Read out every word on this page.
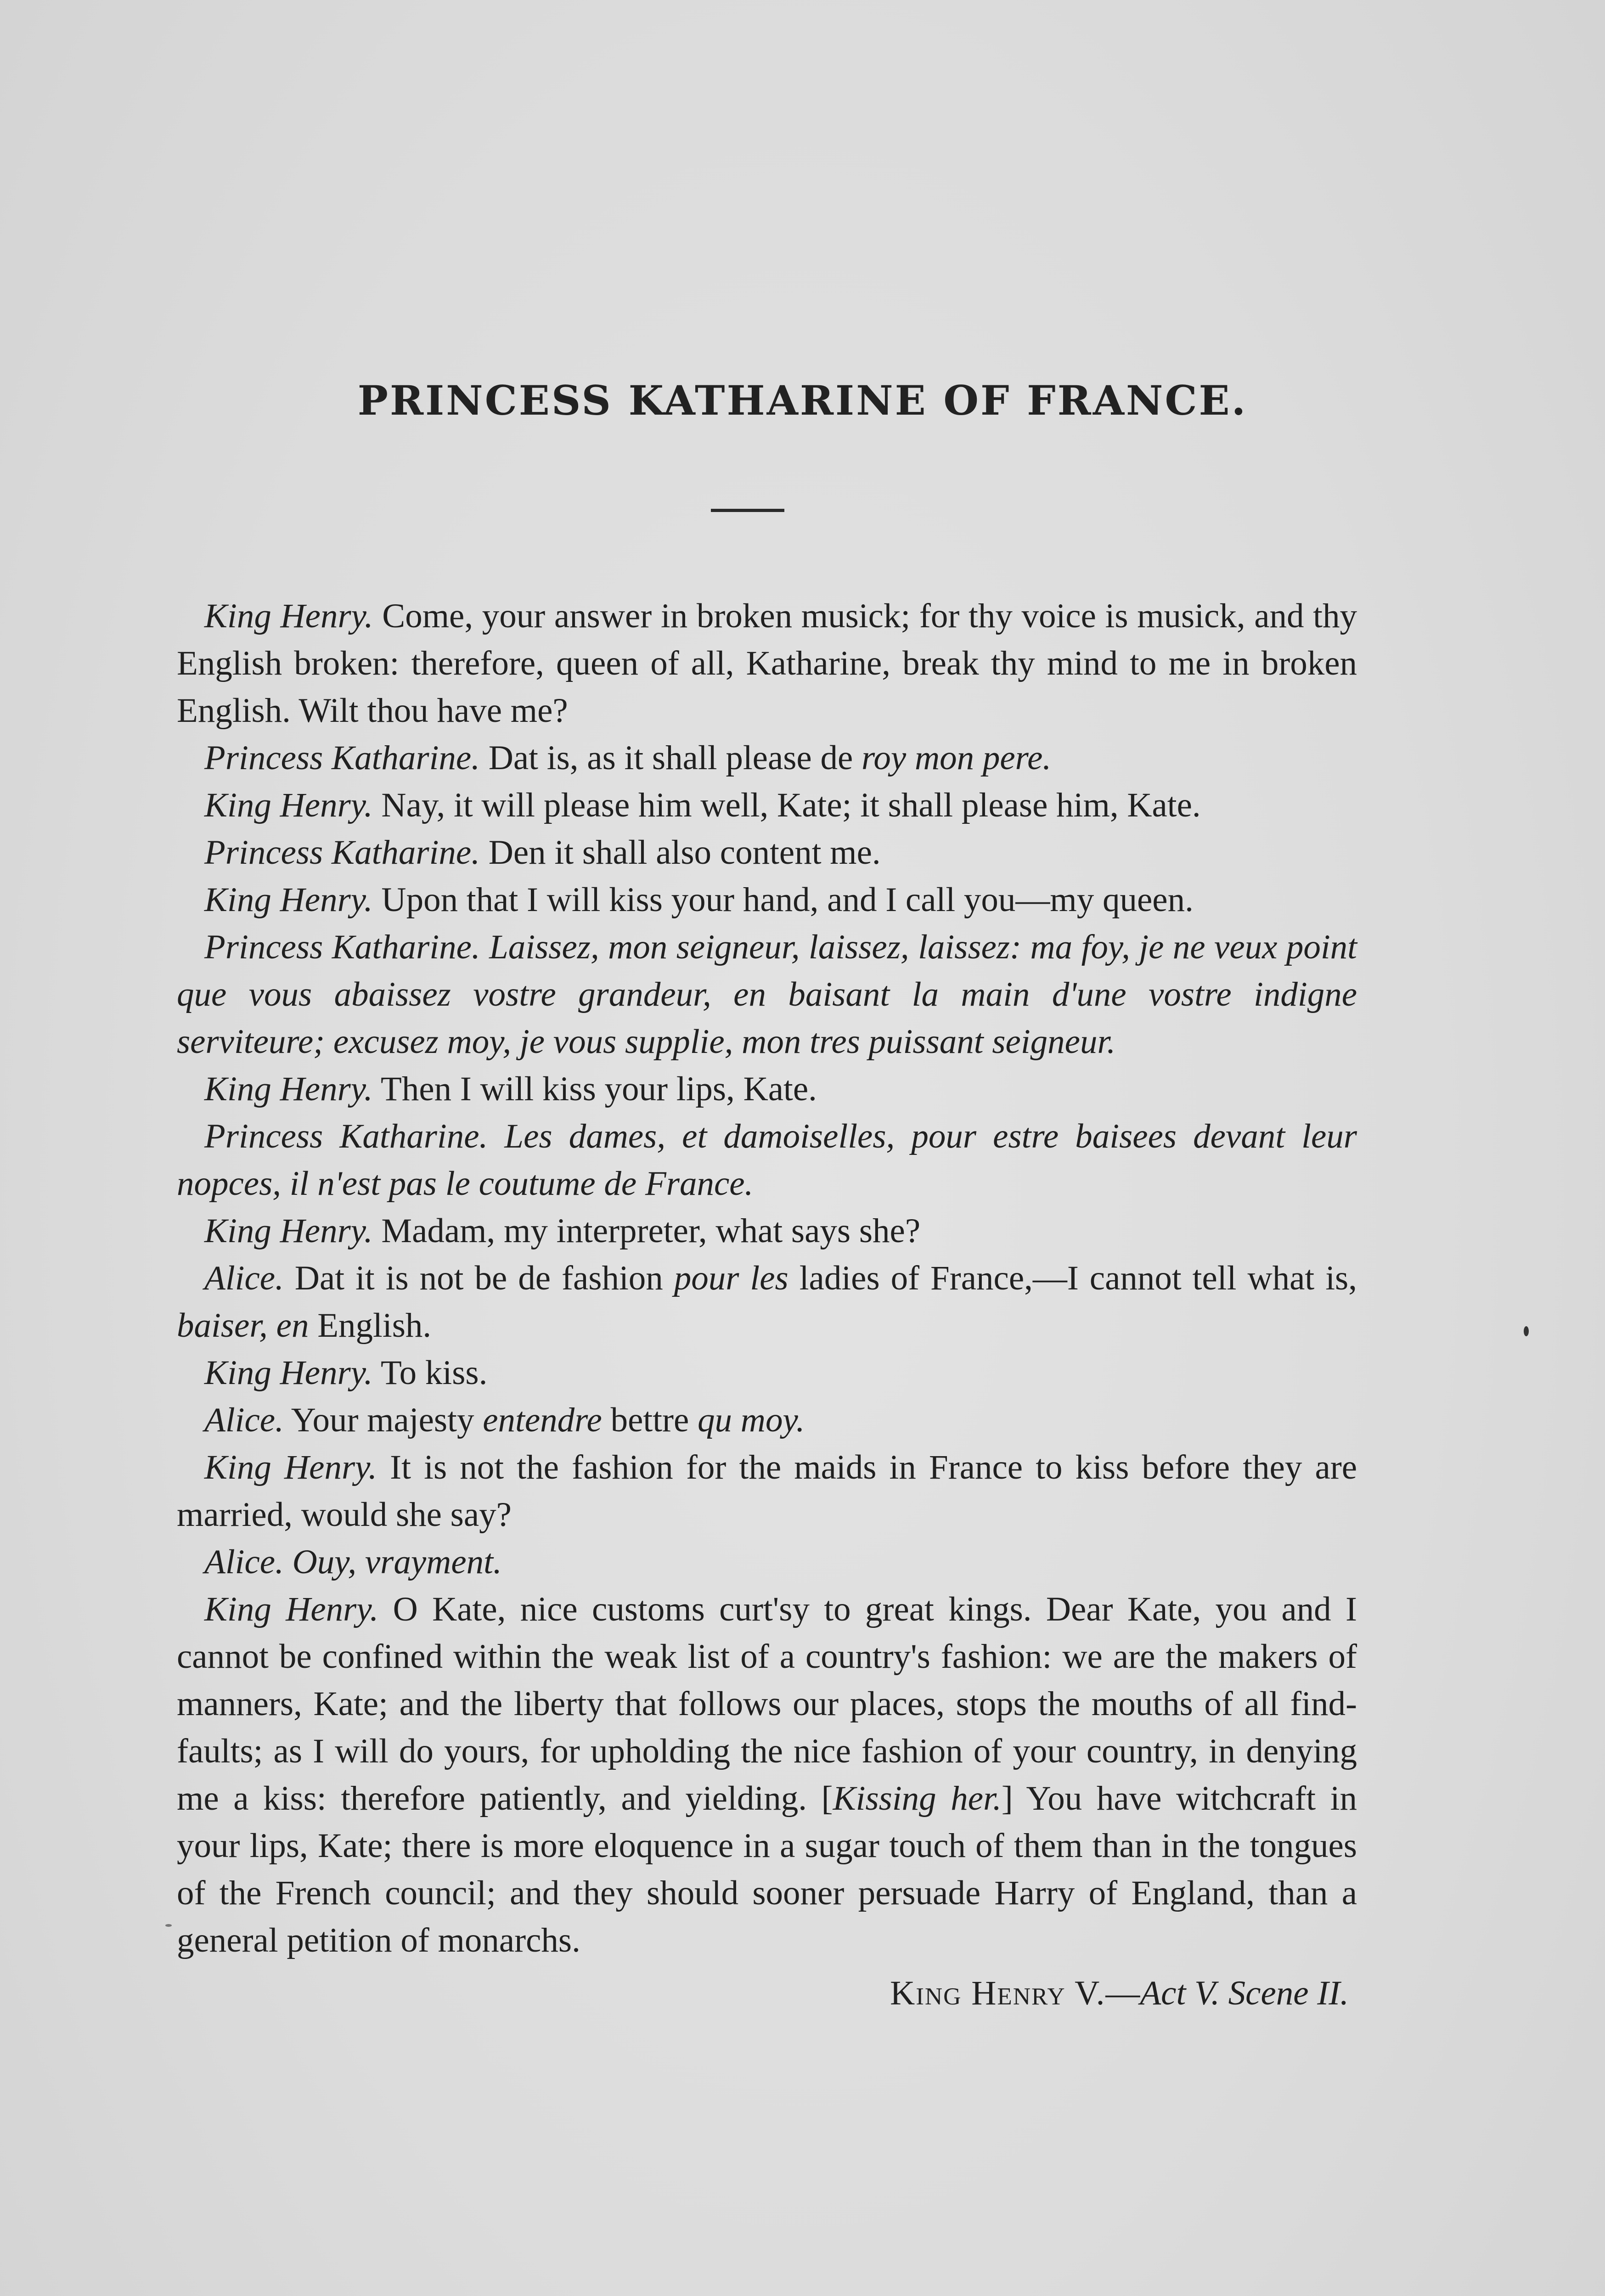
PRINCESS KATHARINE OF FRANCE.

King Henry. Come, your answer in broken musick; for thy voice is musick, and thy English broken: therefore, queen of all, Katharine, break thy mind to me in broken English. Wilt thou have me?

Princess Katharine. Dat is, as it shall please de roy mon pere.

King Henry. Nay, it will please him well, Kate; it shall please him, Kate.

Princess Katharine. Den it shall also content me.

King Henry. Upon that I will kiss your hand, and I call you—my queen.

Princess Katharine. Laissez, mon seigneur, laissez, laissez: ma foy, je ne veux point que vous abaissez vostre grandeur, en baisant la main d'une vostre indigne serviteure; excusez moy, je vous supplie, mon tres puissant seigneur.

King Henry. Then I will kiss your lips, Kate.

Princess Katharine. Les dames, et damoiselles, pour estre baisees devant leur nopces, il n'est pas le coutume de France.

King Henry. Madam, my interpreter, what says she?

Alice. Dat it is not be de fashion pour les ladies of France,—I cannot tell what is, baiser, en English.

King Henry. To kiss.

Alice. Your majesty entendre bettre qu moy.

King Henry. It is not the fashion for the maids in France to kiss before they are married, would she say?

Alice. Ouy, vrayment.

King Henry. O Kate, nice customs curt'sy to great kings. Dear Kate, you and I cannot be confined within the weak list of a country's fashion: we are the makers of manners, Kate; and the liberty that follows our places, stops the mouths of all find-faults; as I will do yours, for upholding the nice fashion of your country, in denying me a kiss: therefore patiently, and yielding. [Kissing her.] You have witchcraft in your lips, Kate; there is more eloquence in a sugar touch of them than in the tongues of the French council; and they should sooner persuade Harry of England, than a general petition of monarchs.

King Henry V.—Act V. Scene II.
